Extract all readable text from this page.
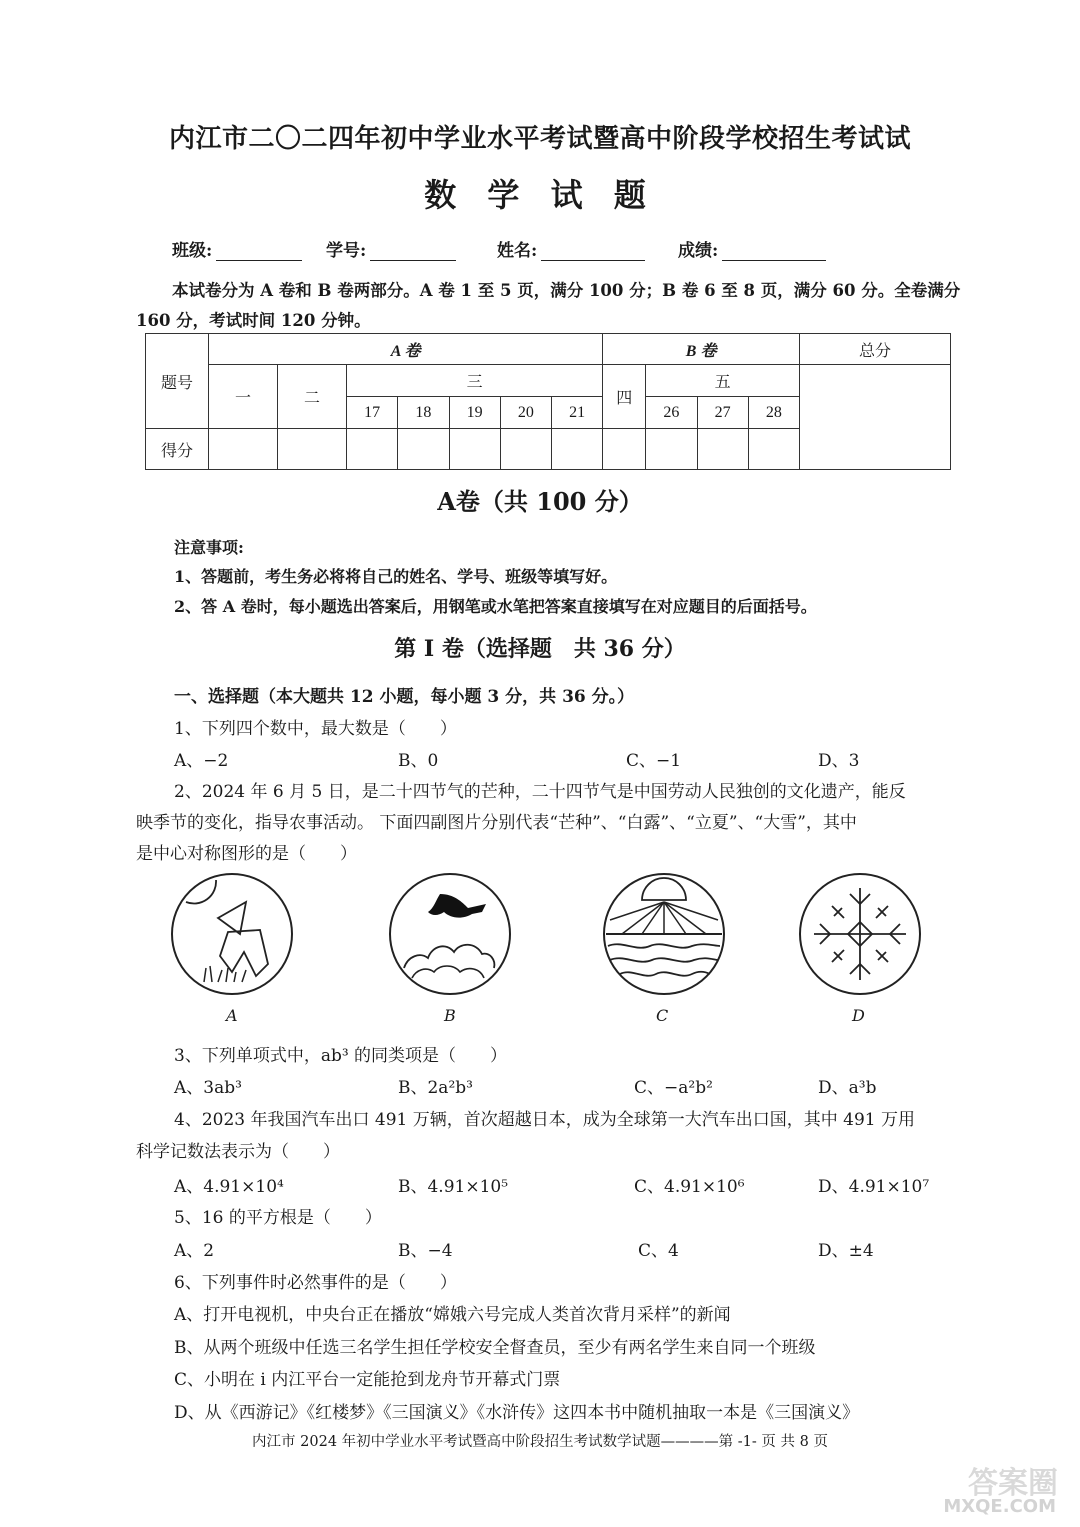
内江市二〇二四年初中学业水平考试暨高中阶段学校招生考试试
数 学 试 题
班级:	学号:	姓名:	成绩:
本试卷分为 A 卷和 B 卷两部分。A 卷 1 至 5 页，满分 100 分；B 卷 6 至 8 页，满分 60 分。全卷满分 160 分，考试时间 120 分钟。
题号	A 卷							B 卷				总分
	一	二	三					四	五			
			17	18	19	20	21		26	27	28	
得分												
A卷（共 100 分）
注意事项:
1、答题前，考生务必将将自己的姓名、学号、班级等填写好。
2、答 A 卷时，每小题选出答案后，用钢笔或水笔把答案直接填写在对应题目的后面括号。
第 I 卷（选择题　共 36 分）
一、选择题（本大题共 12 小题，每小题 3 分，共 36 分。）
1、下列四个数中，最大数是（　　）
A、−2	B、0	C、−1	D、3
2、2024 年 6 月 5 日，是二十四节气的芒种，二十四节气是中国劳动人民独创的文化遗产，能反
映季节的变化，指导农事活动。 下面四副图片分别代表“芒种”、“白露”、“立夏”、“大雪”，其中
是中心对称图形的是（　　）
A	B	C	D
3、下列单项式中，ab³ 的同类项是（　　）
A、3ab³	B、2a²b³	C、−a²b²	D、a³b
4、2023 年我国汽车出口 491 万辆，首次超越日本，成为全球第一大汽车出口国，其中 491 万用
科学记数法表示为（　　）
A、4.91×10⁴	B、4.91×10⁵	C、4.91×10⁶	D、4.91×10⁷
5、16 的平方根是（　　）
A、2	B、−4	C、4	D、±4
6、下列事件时必然事件的是（　　）
A、打开电视机，中央台正在播放“嫦娥六号完成人类首次背月采样”的新闻
B、从两个班级中任选三名学生担任学校安全督查员，至少有两名学生来自同一个班级
C、小明在 i 内江平台一定能抢到龙舟节开幕式门票
D、从《西游记》《红楼梦》《三国演义》《水浒传》这四本书中随机抽取一本是《三国演义》
内江市 2024 年初中学业水平考试暨高中阶段招生考试数学试题————第 -1- 页 共 8 页
答案圈
MXQE.COM
